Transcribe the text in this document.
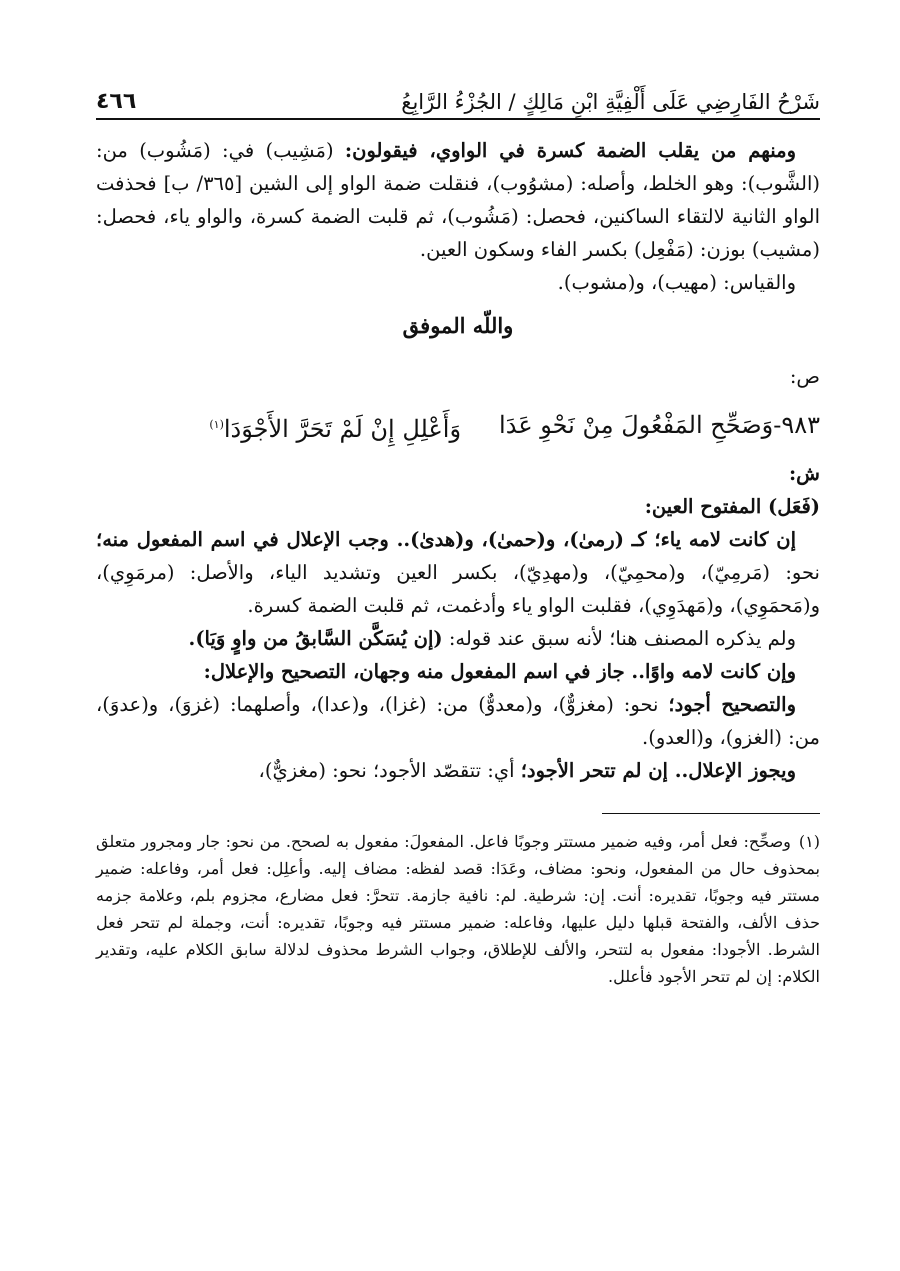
شَرْحُ الفَارِضِي عَلَى أَلْفِيَّةِ ابْنِ مَالِكٍ / الجُزْءُ الرَّابِعُ
٤٦٦

ومنهم من يقلب الضمة كسرة في الواوي، فيقولون: (مَشِيب) في: (مَشُوب) من: (الشَّوب): وهو الخلط، وأصله: (مشوُوب)، فنقلت ضمة الواو إلى الشين [٣٦٥/ ب] فحذفت الواو الثانية لالتقاء الساكنين، فحصل: (مَشُوب)، ثم قلبت الضمة كسرة، والواو ياء، فحصل: (مشيب) بوزن: (مَفْعِل) بكسر الفاء وسكون العين.

والقياس: (مهيب)، و(مشوب).

واللّه الموفق

ص:

٩٨٣-وَصَحِّحِ المَفْعُولَ مِنْ نَحْوِ عَدَا
وَأَعْلِلِ إِنْ لَمْ تَحَرَّ الأَجْوَدَا$^{(١)}$

ش:

(فَعَل) المفتوح العين:

إن كانت لامه ياء؛ كـ (رمىٰ)، و(حمىٰ)، و(هدىٰ).. وجب الإعلال في اسم المفعول منه؛ نحو: (مَرمِيّ)، و(محمِيّ)، و(مهدِيّ)، بكسر العين وتشديد الياء، والأصل: (مرمَوِي)، و(مَحمَوِي)، و(مَهدَوِي)، فقلبت الواو ياء وأدغمت، ثم قلبت الضمة كسرة.

ولم يذكره المصنف هنا؛ لأنه سبق عند قوله: (إن يُسَكَّن السَّابقُ من واوٍ وَيَا).

وإن كانت لامه واوًا.. جاز في اسم المفعول منه وجهان، التصحيح والإعلال:

والتصحيح أجود؛ نحو: (مغزوٌّ)، و(معدوٌّ) من: (غزا)، و(عدا)، وأصلهما: (غزوَ)، و(عدوَ)، من: (الغزو)، و(العدو).

ويجوز الإعلال.. إن لم تتحر الأجود؛ أي: تتقصّد الأجود؛ نحو: (مغزيٌّ)،

(١)وصحِّح: فعل أمر، وفيه ضمير مستتر وجوبًا فاعل. المفعولَ: مفعول به لصحح. من نحو: جار ومجرور متعلق بمحذوف حال من المفعول، ونحو: مضاف، وعَدَا: قصد لفظه: مضاف إليه. وأعلِل: فعل أمر، وفاعله: ضمير مستتر فيه وجوبًا، تقديره: أنت. إن: شرطية. لم: نافية جازمة. تتحرَّ: فعل مضارع، مجزوم بلم، وعلامة جزمه حذف الألف، والفتحة قبلها دليل عليها، وفاعله: ضمير مستتر فيه وجوبًا، تقديره: أنت، وجملة لم تتحر فعل الشرط. الأجودا: مفعول به لتتحر، والألف للإطلاق، وجواب الشرط محذوف لدلالة سابق الكلام عليه، وتقدير الكلام: إن لم تتحر الأجود فأعلل.
